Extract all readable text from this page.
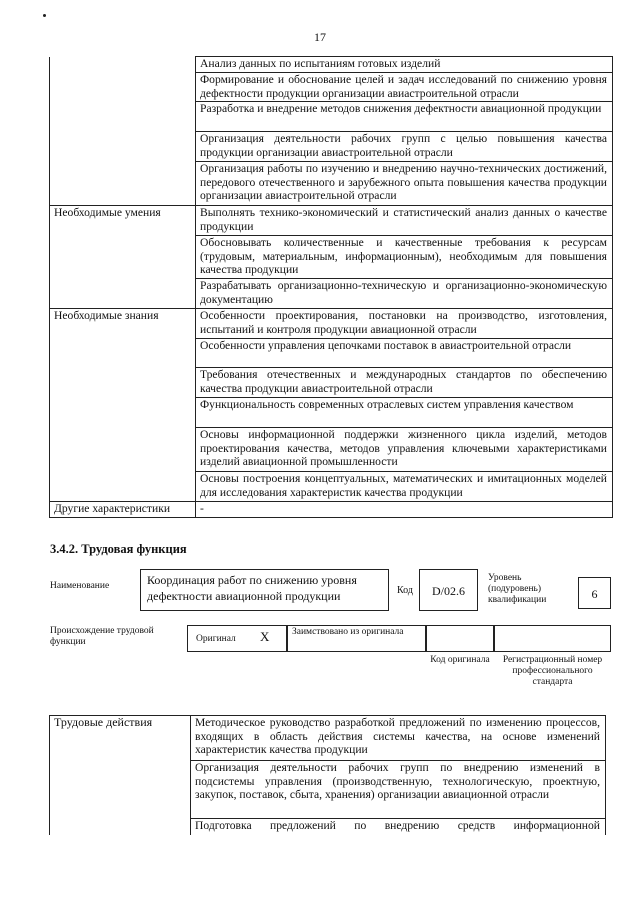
17
	Анализ данных по испытаниям готовых изделий
	Формирование и обоснование целей и задач исследований по снижению уровня дефектности продукции организации авиастроительной отрасли
	Разработка и внедрение методов снижения дефектности авиационной продукции
	Организация деятельности рабочих групп с целью повышения качества продукции организации авиастроительной отрасли
	Организация работы по изучению и внедрению научно-технических достижений, передового отечественного и зарубежного опыта повышения качества продукции организации авиастроительной отрасли
Необходимые умения	Выполнять технико-экономический и статистический анализ данных о качестве продукции
	Обосновывать количественные и качественные требования к ресурсам (трудовым, материальным, информационным), необходимым для повышения качества продукции
	Разрабатывать организационно-техническую и организационно-экономическую документацию
Необходимые знания	Особенности проектирования, постановки на производство, изготовления, испытаний и контроля продукции авиационной отрасли
	Особенности управления цепочками поставок в авиастроительной отрасли
	Требования отечественных и международных стандартов по обеспечению качества продукции авиастроительной отрасли
	Функциональность современных отраслевых систем управления качеством
	Основы информационной поддержки жизненного цикла изделий, методов проектирования качества, методов управления ключевыми характеристиками изделий авиационной промышленности
	Основы построения концептуальных, математических и имитационных моделей для исследования характеристик качества продукции
Другие характеристики	-
3.4.2. Трудовая функция
Наименование	Координация работ по снижению уровня дефектности авиационной продукции	Код	D/02.6
Уровень (подуровень) квалификации	6
Происхождение трудовой функции	Оригинал X	Заимствовано из оригинала
Код оригинала	Регистрационный номер профессионального стандарта
Трудовые действия	Методическое руководство разработкой предложений по изменению процессов, входящих в область действия системы качества, на основе изменений характеристик качества продукции
	Организация деятельности рабочих групп по внедрению изменений в подсистемы управления (производственную, технологическую, проектную, закупок, поставок, сбыта, хранения) организации авиационной отрасли
	Подготовка предложений по внедрению средств информационной
